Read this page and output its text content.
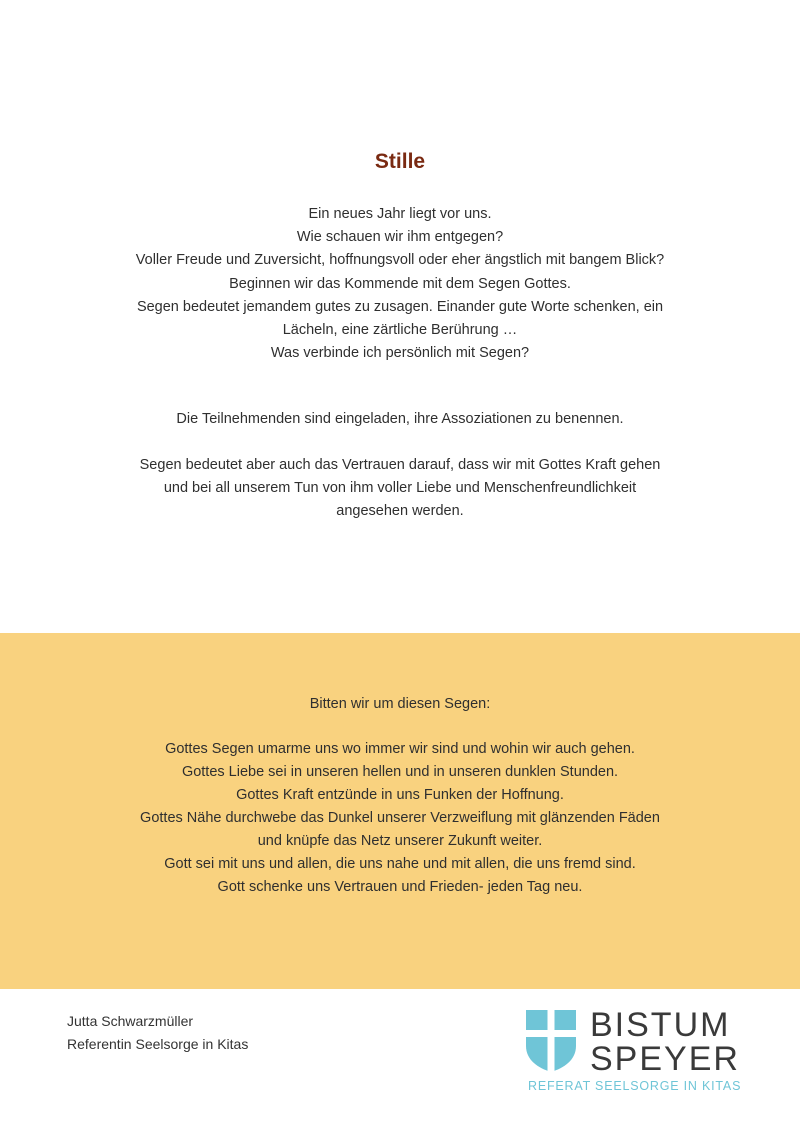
Stille
Ein neues Jahr liegt vor uns.
Wie schauen wir ihm entgegen?
Voller Freude und Zuversicht, hoffnungsvoll oder eher ängstlich mit bangem Blick?
Beginnen wir das Kommende mit dem Segen Gottes.
Segen bedeutet jemandem gutes zu zusagen. Einander gute Worte schenken, ein
Lächeln, eine zärtliche Berührung …
Was verbinde ich persönlich mit Segen?
Die Teilnehmenden sind eingeladen, ihre Assoziationen zu benennen.
Segen bedeutet aber auch das Vertrauen darauf, dass wir mit Gottes Kraft gehen
und bei all unserem Tun von ihm voller Liebe und Menschenfreundlichkeit
angesehen werden.
Bitten wir um diesen Segen:
Gottes Segen umarme uns wo immer wir sind und wohin wir auch gehen.
Gottes Liebe sei in unseren hellen und in unseren dunklen Stunden.
Gottes Kraft entzünde in uns Funken der Hoffnung.
Gottes Nähe durchwebe das Dunkel unserer Verzweiflung mit glänzenden Fäden
und knüpfe das Netz unserer Zukunft weiter.
Gott sei mit uns und allen, die uns nahe und mit allen, die uns fremd sind.
Gott schenke uns Vertrauen und Frieden- jeden Tag neu.
Jutta Schwarzmüller
Referentin Seelsorge in Kitas	BISTUM
SPEYER
REFERAT SEELSORGE IN KITAS
